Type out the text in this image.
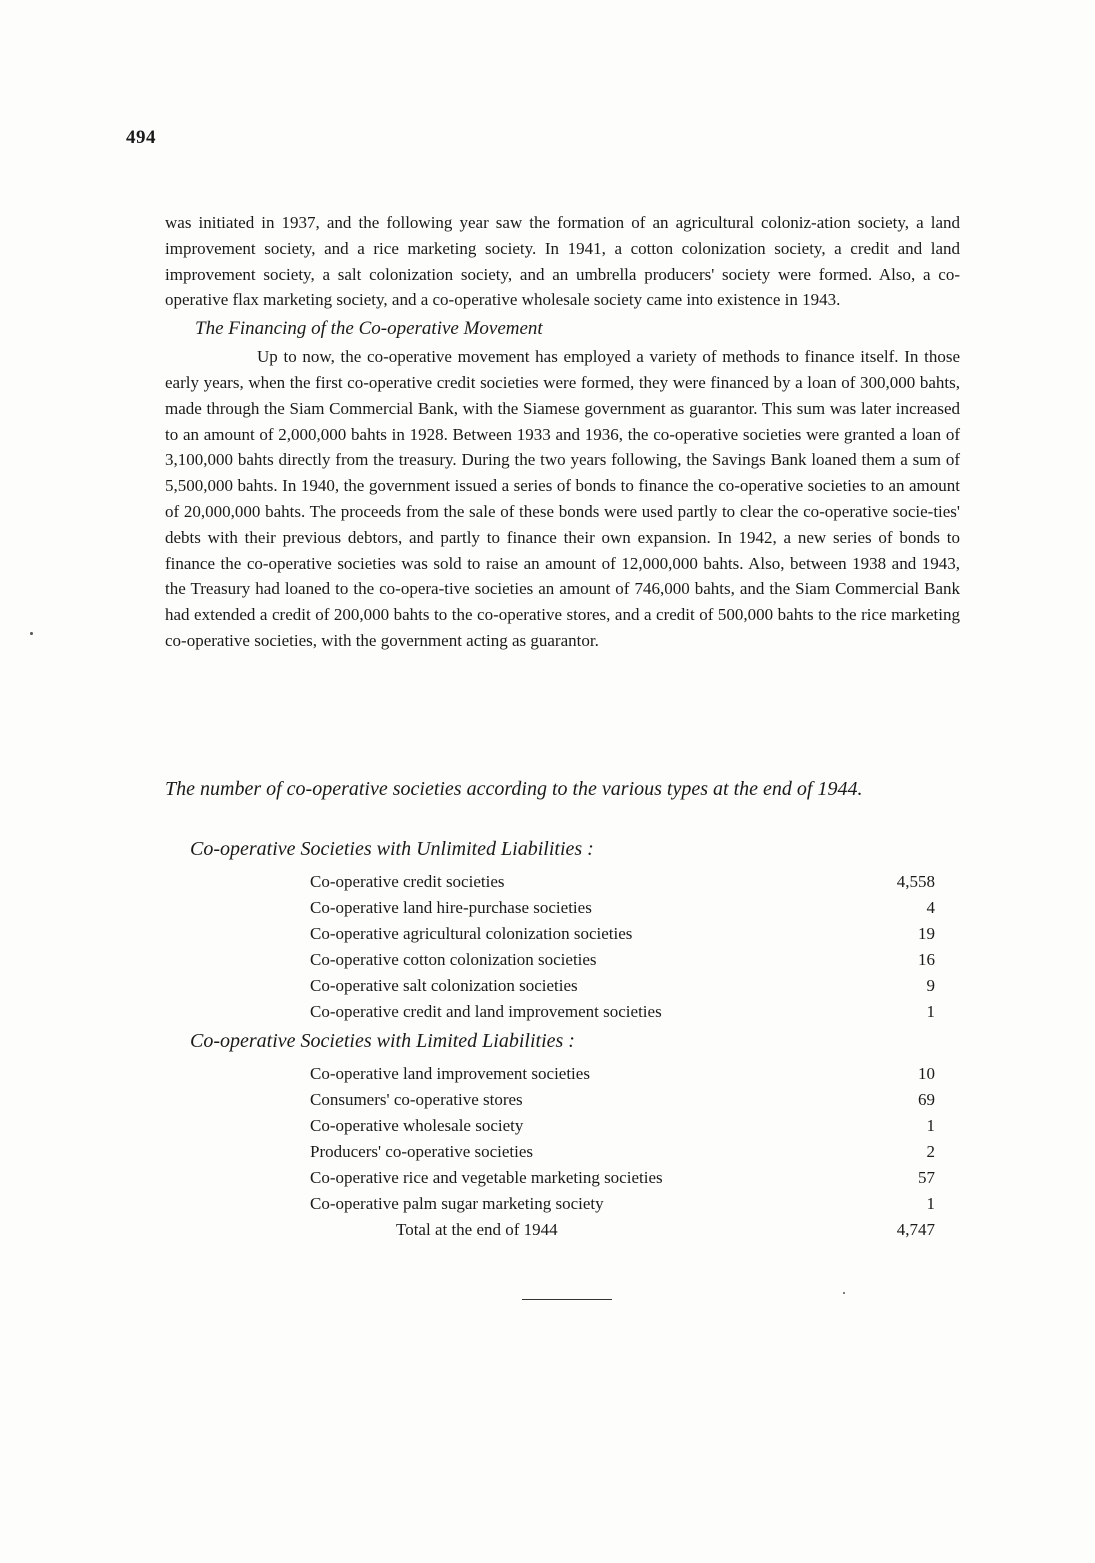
494

was initiated in 1937, and the following year saw the formation of an agricultural coloniz-ation society, a land improvement society, and a rice marketing society. In 1941, a cotton colonization society, a credit and land improvement society, a salt colonization society, and an umbrella producers' society were formed. Also, a co-operative flax marketing society, and a co-operative wholesale society came into existence in 1943.

The Financing of the Co-operative Movement

Up to now, the co-operative movement has employed a variety of methods to finance itself. In those early years, when the first co-operative credit societies were formed, they were financed by a loan of 300,000 bahts, made through the Siam Commercial Bank, with the Siamese government as guarantor. This sum was later increased to an amount of 2,000,000 bahts in 1928. Between 1933 and 1936, the co-operative societies were granted a loan of 3,100,000 bahts directly from the treasury. During the two years following, the Savings Bank loaned them a sum of 5,500,000 bahts. In 1940, the government issued a series of bonds to finance the co-operative societies to an amount of 20,000,000 bahts. The proceeds from the sale of these bonds were used partly to clear the co-operative socie-ties' debts with their previous debtors, and partly to finance their own expansion. In 1942, a new series of bonds to finance the co-operative societies was sold to raise an amount of 12,000,000 bahts. Also, between 1938 and 1943, the Treasury had loaned to the co-opera-tive societies an amount of 746,000 bahts, and the Siam Commercial Bank had extended a credit of 200,000 bahts to the co-operative stores, and a credit of 500,000 bahts to the rice marketing co-operative societies, with the government acting as guarantor.

The number of co-operative societies according to the various types at the end of 1944.
Co-operative Societies with Unlimited Liabilities :
Co-operative credit societies	4,558
Co-operative land hire-purchase societies	4
Co-operative agricultural colonization societies	19
Co-operative cotton colonization societies	16
Co-operative salt colonization societies	9
Co-operative credit and land improvement societies	1
Co-operative Societies with Limited Liabilities :
Co-operative land improvement societies	10
Consumers' co-operative stores	69
Co-operative wholesale society	1
Producers' co-operative societies	2
Co-operative rice and vegetable marketing societies	57
Co-operative palm sugar marketing society	1
Total at the end of 1944	4,747
